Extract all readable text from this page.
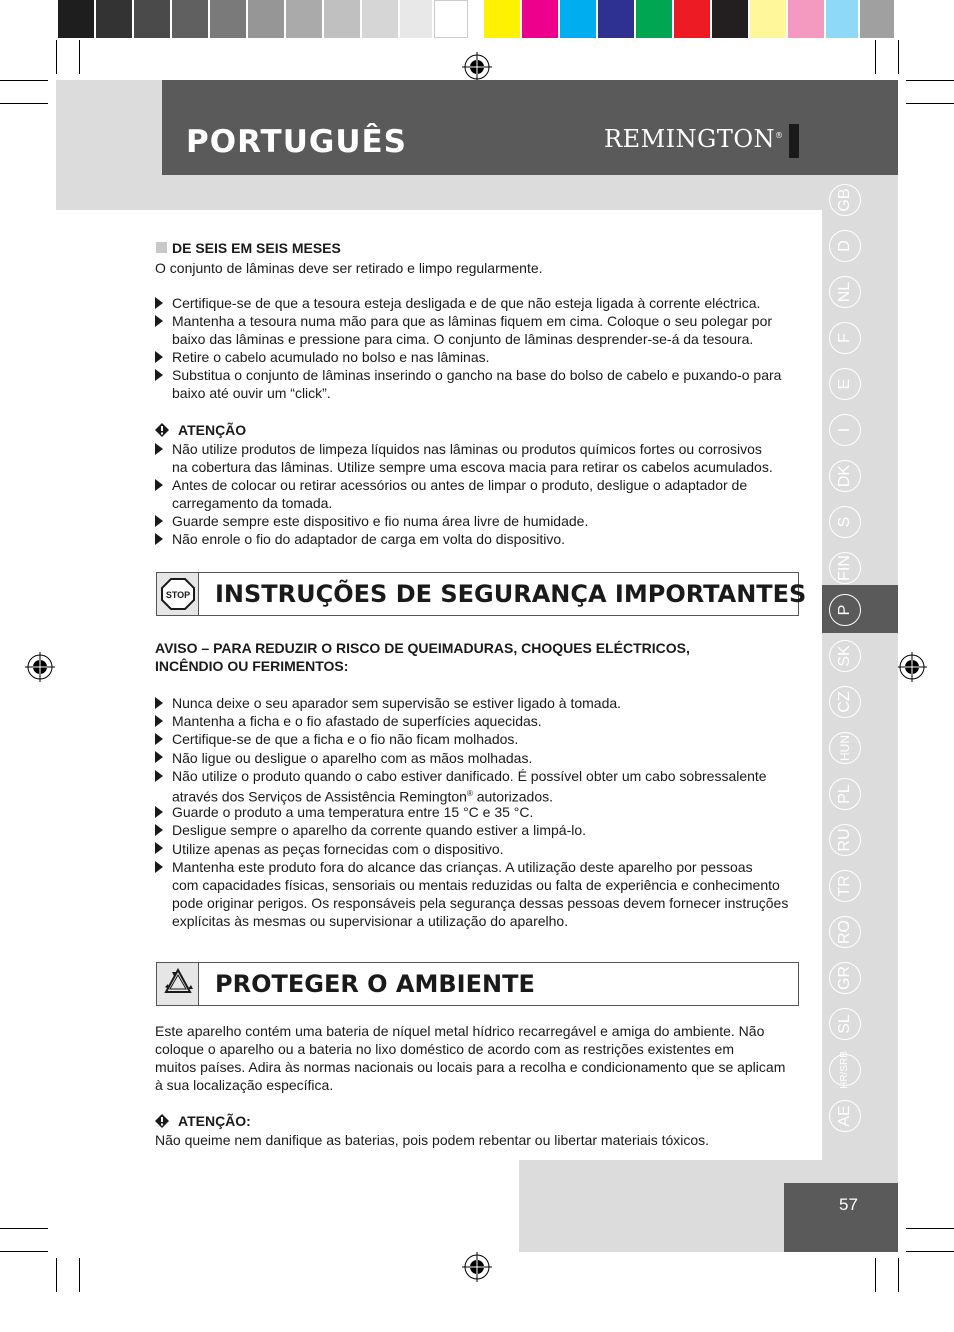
PORTUGUÊS	REMINGTON®
GB
D
NL
F
E
I
DK
S
FIN
P
SK
CZ
HUN
PL
RU
TR
RO
GR
SL
HR/SRB
AE
DE SEIS EM SEIS MESES
O conjunto de lâminas deve ser retirado e limpo regularmente.
Certifique-se de que a tesoura esteja desligada e de que não esteja ligada à corrente eléctrica.
Mantenha a tesoura numa mão para que as lâminas fiquem em cima. Coloque o seu polegar por
baixo das lâminas e pressione para cima. O conjunto de lâminas desprender-se-á da tesoura.
Retire o cabelo acumulado no bolso e nas lâminas.
Substitua o conjunto de lâminas inserindo o gancho na base do bolso de cabelo e puxando-o para
baixo até ouvir um “click”.
ATENÇÃO
Não utilize produtos de limpeza líquidos nas lâminas ou produtos químicos fortes ou corrosivos
na cobertura das lâminas. Utilize sempre uma escova macia para retirar os cabelos acumulados.
Antes de colocar ou retirar acessórios ou antes de limpar o produto, desligue o adaptador de
carregamento da tomada.
Guarde sempre este dispositivo e fio numa área livre de humidade.
Não enrole o fio do adaptador de carga em volta do dispositivo.
STOP INSTRUÇÕES DE SEGURANÇA IMPORTANTES
AVISO – PARA REDUZIR O RISCO DE QUEIMADURAS, CHOQUES ELÉCTRICOS,
INCÊNDIO OU FERIMENTOS:
Nunca deixe o seu aparador sem supervisão se estiver ligado à tomada.
Mantenha a ficha e o fio afastado de superfícies aquecidas.
Certifique-se de que a ficha e o fio não ficam molhados.
Não ligue ou desligue o aparelho com as mãos molhadas.
Não utilize o produto quando o cabo estiver danificado. É possível obter um cabo sobressalente
através dos Serviços de Assistência Remington® autorizados.
Guarde o produto a uma temperatura entre 15 °C e 35 °C.
Desligue sempre o aparelho da corrente quando estiver a limpá-lo.
Utilize apenas as peças fornecidas com o dispositivo.
Mantenha este produto fora do alcance das crianças. A utilização deste aparelho por pessoas
com capacidades físicas, sensoriais ou mentais reduzidas ou falta de experiência e conhecimento
pode originar perigos. Os responsáveis pela segurança dessas pessoas devem fornecer instruções
explícitas às mesmas ou supervisionar a utilização do aparelho.
PROTEGER O AMBIENTE
Este aparelho contém uma bateria de níquel metal hídrico recarregável e amiga do ambiente. Não
coloque o aparelho ou a bateria no lixo doméstico de acordo com as restrições existentes em
muitos países. Adira às normas nacionais ou locais para a recolha e condicionamento que se aplicam
à sua localização específica.
ATENÇÃO:
Não queime nem danifique as baterias, pois podem rebentar ou libertar materiais tóxicos.
57
